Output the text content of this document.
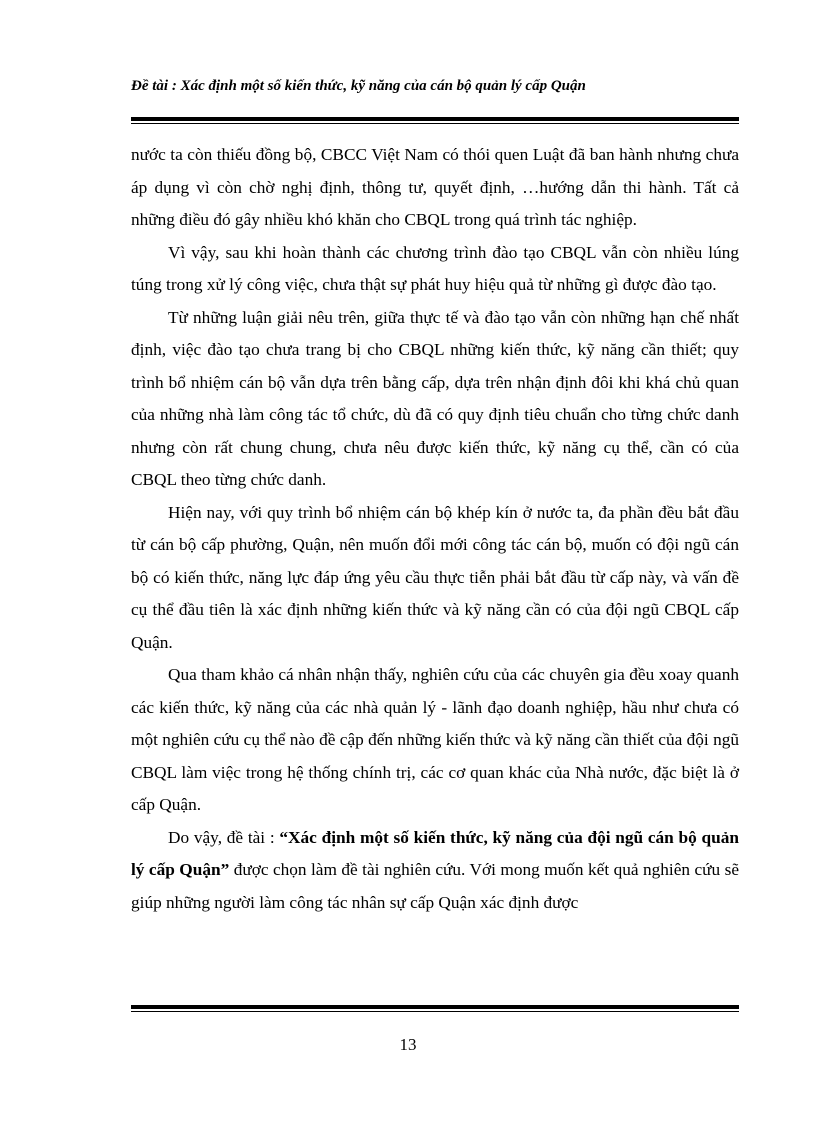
Đề tài : Xác định một số kiến thức, kỹ năng của cán bộ quản lý cấp Quận

nước ta còn thiếu đồng bộ, CBCC Việt Nam có thói quen Luật đã ban hành nhưng chưa áp dụng vì còn chờ nghị định, thông tư, quyết định, …hướng dẫn thi hành. Tất cả những điều đó gây nhiều khó khăn cho CBQL trong quá trình tác nghiệp.

Vì vậy, sau khi hoàn thành các chương trình đào tạo CBQL vẫn còn nhiều lúng túng trong xử lý công việc, chưa thật sự phát huy hiệu quả từ những gì được đào tạo.

Từ những luận giải nêu trên, giữa thực tế và đào tạo vẫn còn những hạn chế nhất định, việc đào tạo chưa trang bị cho CBQL những kiến thức, kỹ năng cần thiết; quy trình bổ nhiệm cán bộ vẫn dựa trên bằng cấp, dựa trên nhận định đôi khi khá chủ quan của những nhà làm công tác tổ chức, dù đã có quy định tiêu chuẩn cho từng chức danh nhưng còn rất chung chung, chưa nêu được kiến thức, kỹ năng cụ thể, cần có của CBQL theo từng chức danh.

Hiện nay, với quy trình bổ nhiệm cán bộ khép kín ở nước ta, đa phần đều bắt đầu từ cán bộ cấp phường, Quận, nên muốn đổi mới công tác cán bộ, muốn có đội ngũ cán bộ có kiến thức, năng lực đáp ứng yêu cầu thực tiễn phải bắt đầu từ cấp này, và vấn đề cụ thể đầu tiên là xác định những kiến thức và kỹ năng cần có của đội ngũ CBQL cấp Quận.

Qua tham khảo cá nhân nhận thấy, nghiên cứu của các chuyên gia đều xoay quanh các kiến thức, kỹ năng của các nhà quản lý - lãnh đạo doanh nghiệp, hầu như chưa có một nghiên cứu cụ thể nào đề cập đến những kiến thức và kỹ năng cần thiết của đội ngũ CBQL làm việc trong hệ thống chính trị, các cơ quan khác của Nhà nước, đặc biệt là ở cấp Quận.

Do vậy, đề tài : “Xác định một số kiến thức, kỹ năng của đội ngũ cán bộ quản lý cấp Quận” được chọn làm đề tài nghiên cứu. Với mong muốn kết quả nghiên cứu sẽ giúp những người làm công tác nhân sự cấp Quận xác định được

13
